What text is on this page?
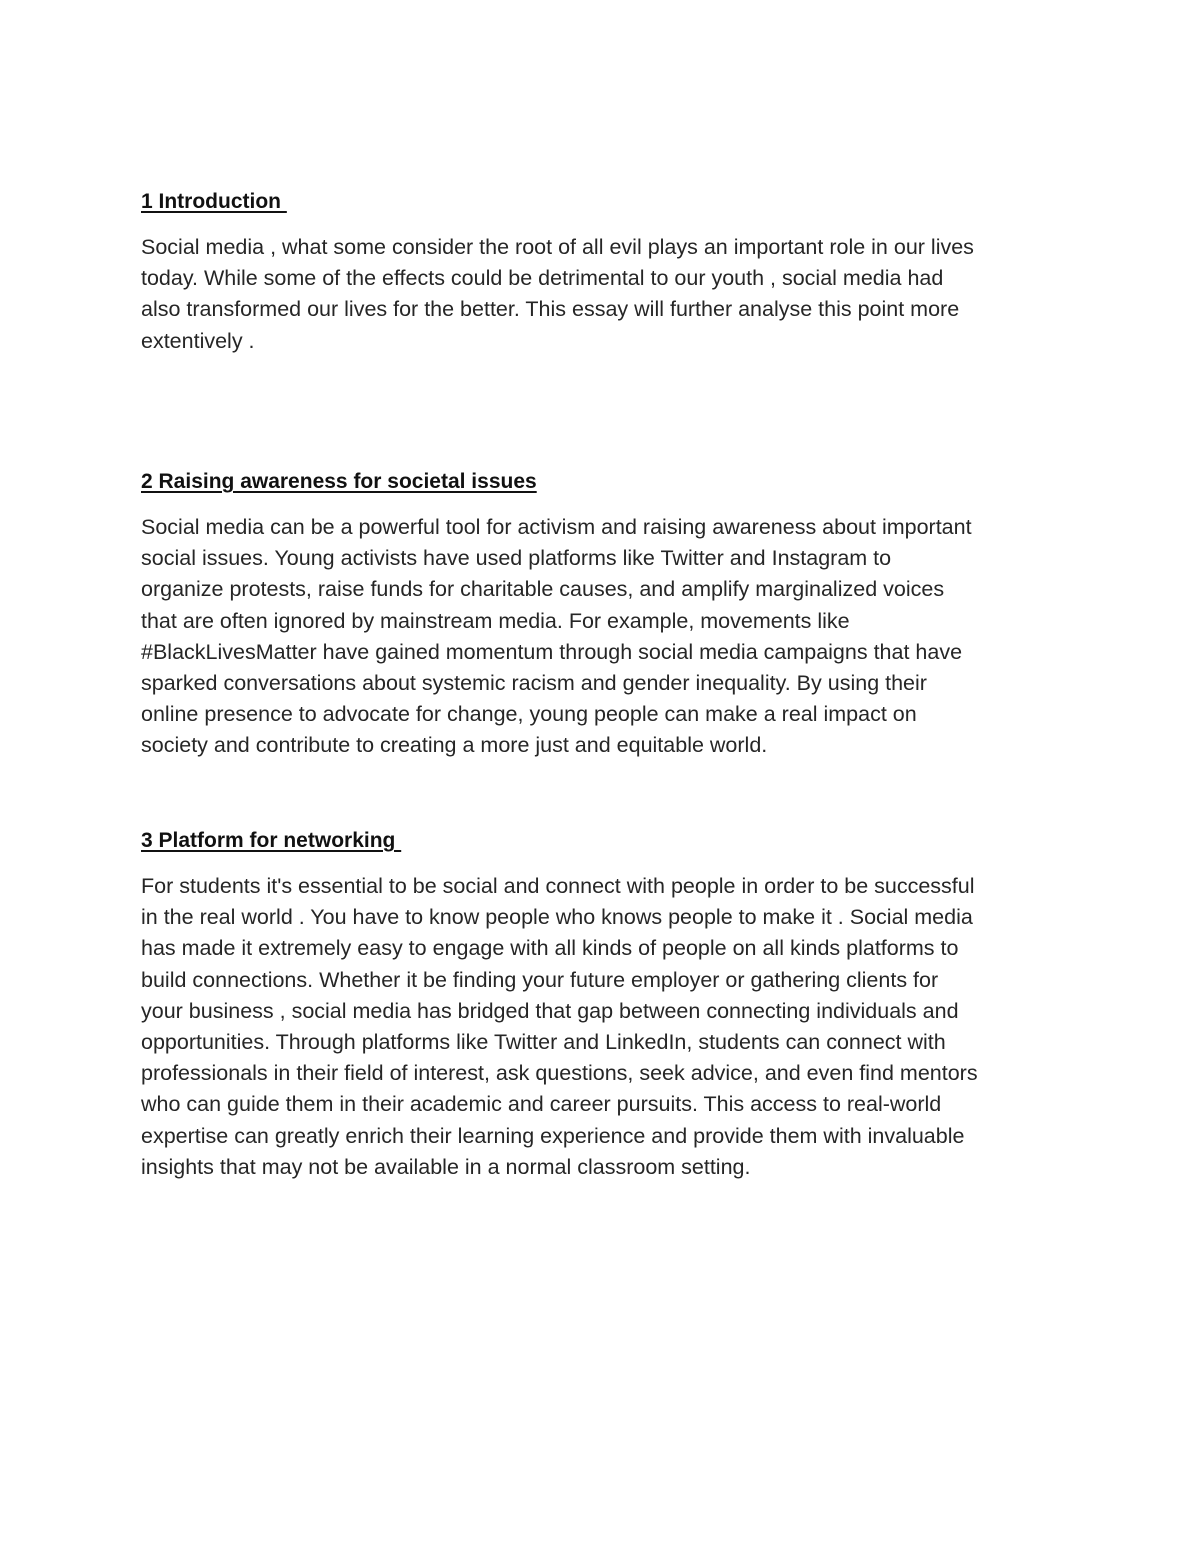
1 Introduction

Social media , what some consider the root of all evil plays an important role in our lives
today. While some of the effects could be detrimental to our youth , social media had
also transformed our lives for the better. This essay will further analyse this point more
extentively .

2 Raising awareness for societal issues

Social media can be a powerful tool for activism and raising awareness about important
social issues. Young activists have used platforms like Twitter and Instagram to
organize protests, raise funds for charitable causes, and amplify marginalized voices
that are often ignored by mainstream media. For example, movements like
#BlackLivesMatter have gained momentum through social media campaigns that have
sparked conversations about systemic racism and gender inequality. By using their
online presence to advocate for change, young people can make a real impact on
society and contribute to creating a more just and equitable world.

3 Platform for networking

For students it's essential to be social and connect with people in order to be successful
in the real world . You have to know people who knows people to make it . Social media
has made it extremely easy to engage with all kinds of people on all kinds platforms to
build connections. Whether it be finding your future employer or gathering clients for
your business , social media has bridged that gap between connecting individuals and
opportunities. Through platforms like Twitter and LinkedIn, students can connect with
professionals in their field of interest, ask questions, seek advice, and even find mentors
who can guide them in their academic and career pursuits. This access to real-world
expertise can greatly enrich their learning experience and provide them with invaluable
insights that may not be available in a normal classroom setting.
